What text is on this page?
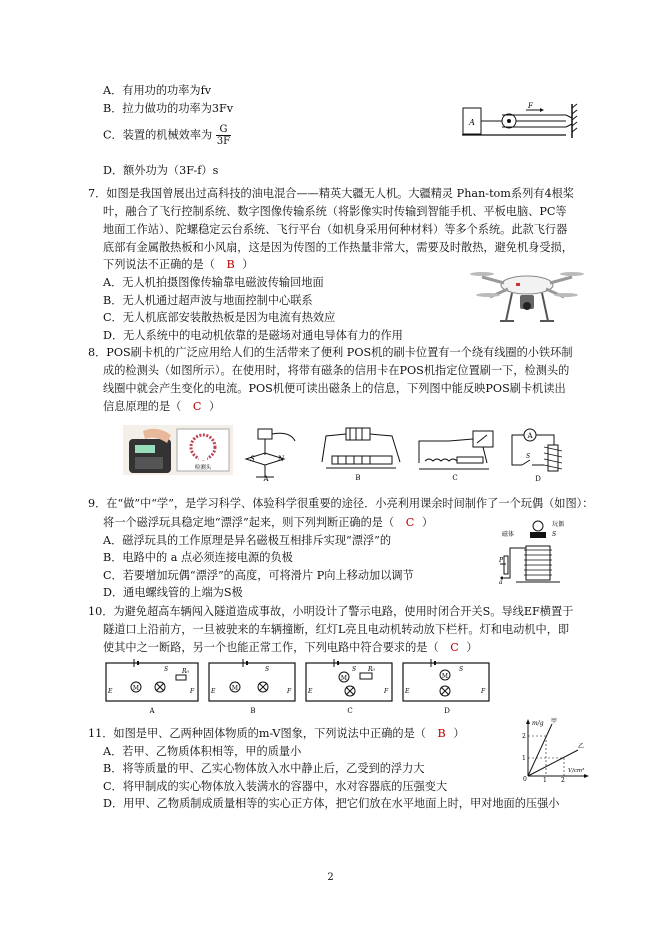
A．有用功的功率为fv
B．拉力做功的功率为3Fv
C．装置的机械效率为 $\frac{G}{3F}$
D．额外功为（3F-f）s
A
F
7．如图是我国曾展出过高科技的油电混合——精英大疆无人机。大疆精灵 Phan-tom系列有4根桨
叶，融合了飞行控制系统、数字图像传输系统（将影像实时传输到智能手机、平板电脑、PC等
地面工作站）、陀螺稳定云台系统、飞行平台（如机身采用何种材料）等多个系统。此款飞行器
底部有金属散热板和小风扇，这是因为传图的工作热量非常大，需要及时散热，避免机身受损，
下列说法不正确的是（ B ）
A．无人机拍摄图像传输靠电磁波传输回地面
B．无人机通过超声波与地面控制中心联系
C．无人机底部安装散热板是因为电流有热效应
D．无人系统中的电动机依靠的是磁场对通电导体有力的作用
8．POS刷卡机的广泛应用给人们的生活带来了便利 POS机的刷卡位置有一个绕有线圈的小铁环制
成的检测头（如图所示）。在使用时，将带有磁条的信用卡在POS机指定位置刷一下，检测头的
线圈中就会产生变化的电流。POS机便可读出磁条上的信息，下列图中能反映POS刷卡机读出
信息原理的是（ C ）
检测头
S	N
A	B	C
A
S
D
9．在“做”中“学”，是学习科学、体验科学很重要的途径．小亮利用课余时间制作了一个玩偶（如图）：
将一个磁浮玩具稳定地“漂浮”起来，则下列判断正确的是（ C ）
A．磁浮玩具的工作原理是异名磁极互相排斥实现“漂浮”的
B．电路中的 a 点必须连接电源的负极
C．若要增加玩偶“漂浮”的高度，可将滑片 P向上移动加以调节
D．通电螺线管的上端为S极
玩偶
磁体	S
P
a
10．为避免超高车辆闯入隧道造成事故，小明设计了警示电路，使用时闭合开关S。导线EF横置于
隧道口上沿前方，一旦被驶来的车辆撞断，红灯L亮且电动机转动放下栏杆。灯和电动机中，即
使其中之一断路，另一个也能正常工作，下列电路中符合要求的是（ C ）
M
R₀
S
E	F
A
M
S
E	F
B
M
R₀
S
E	F
C
M
S
E	F
D
11．如图是甲、乙两种固体物质的m-V图象，下列说法中正确的是（ B ）
A．若甲、乙物质体积相等，甲的质量小
B．将等质量的甲、乙实心物体放入水中静止后，乙受到的浮力大
C．将甲制成的实心物体放入装满水的容器中，水对容器底的压强变大
D．用甲、乙物质制成质量相等的实心正方体，把它们放在水平地面上时，甲对地面的压强小
m/g
V/cm³
0
1
2
1 2
甲
乙
2
